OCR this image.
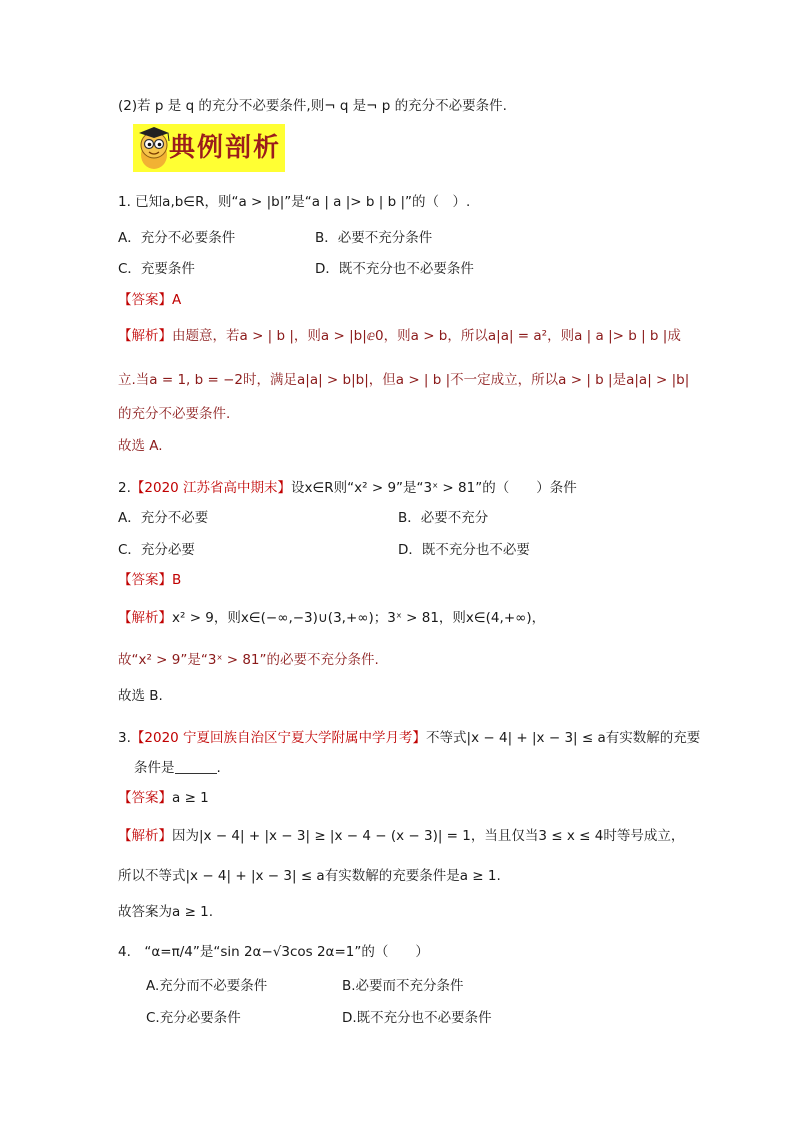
(2)若 p 是 q 的充分不必要条件,则¬ q 是¬ p 的充分不必要条件.
典例剖析
1. 已知a,b∈R，则“a > |b|”是“a | a |> b | b |”的（　）.
A．充分不必要条件	B．必要不充分条件
C．充要条件	D．既不充分也不必要条件
【答案】A
【解析】由题意，若a > | b |，则a > |b|ⅇ0，则a > b，所以a|a| = a²，则a | a |> b | b |成
立.当a = 1, b = −2时，满足a|a| > b|b|，但a > | b |不一定成立，所以a > | b |是a|a| > |b|
的充分不必要条件.
故选 A.
2.【2020 江苏省高中期末】设x∈R则“x² > 9”是“3ˣ > 81”的（　　）条件
A．充分不必要	B．必要不充分
C．充分必要	D．既不充分也不必要
【答案】B
【解析】x² > 9，则x∈(−∞,−3)∪(3,+∞)；3ˣ > 81，则x∈(4,+∞)，
故“x² > 9”是“3ˣ > 81”的必要不充分条件.
故选 B.
3.【2020 宁夏回族自治区宁夏大学附属中学月考】不等式|x − 4| + |x − 3| ≤ a有实数解的充要
条件是	.
【答案】a ≥ 1
【解析】因为|x − 4| + |x − 3| ≥ |x − 4 − (x − 3)| = 1，当且仅当3 ≤ x ≤ 4时等号成立，
所以不等式|x − 4| + |x − 3| ≤ a有实数解的充要条件是a ≥ 1.
故答案为a ≥ 1.
4.　“α=π/4”是“sin 2α−√3cos 2α=1”的（　　）
A.充分而不必要条件	B.必要而不充分条件
C.充分必要条件	D.既不充分也不必要条件
